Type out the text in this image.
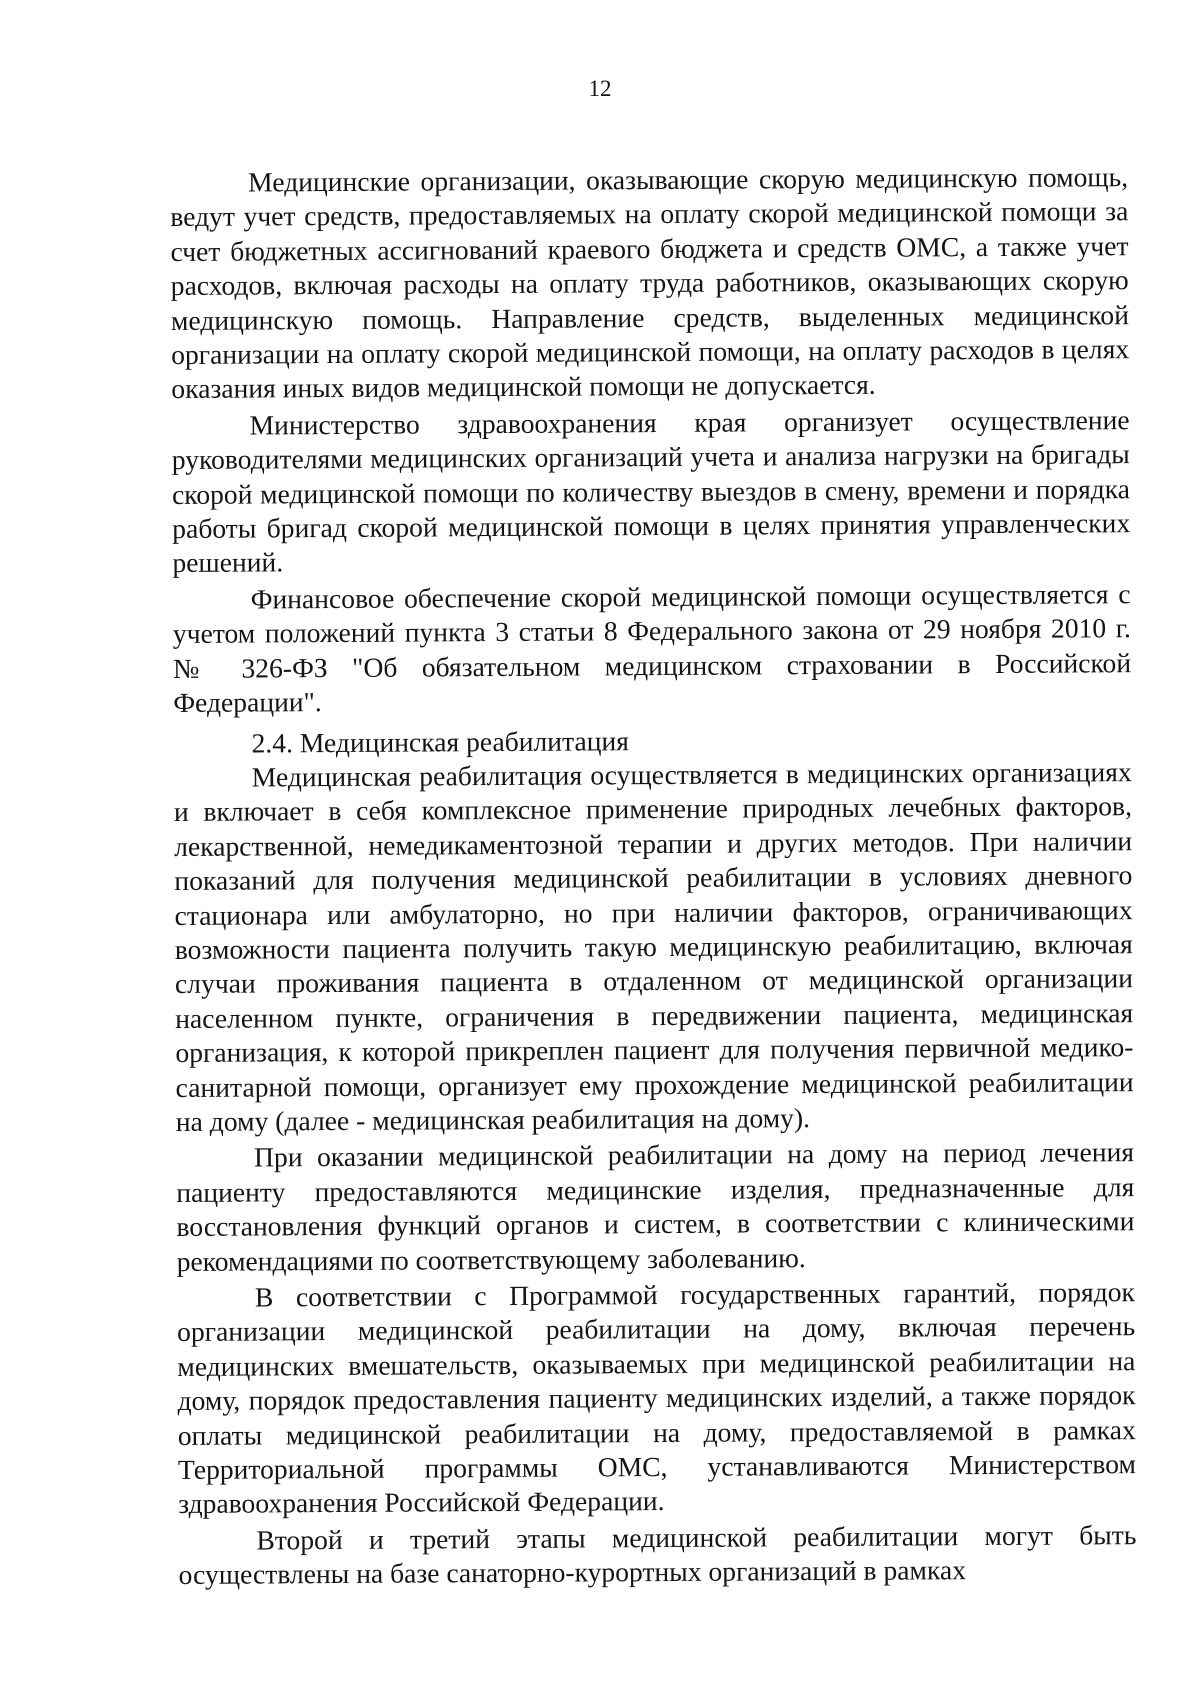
12

Медицинские организации, оказывающие скорую медицинскую помощь, ведут учет средств, предоставляемых на оплату скорой медицинской помощи за счет бюджетных ассигнований краевого бюджета и средств ОМС, а также учет расходов, включая расходы на оплату труда работников, оказывающих скорую медицинскую помощь. Направление средств, выделенных медицинской организации на оплату скорой медицинской помощи, на оплату расходов в целях оказания иных видов медицинской помощи не допускается.

Министерство здравоохранения края организует осуществление руководителями медицинских организаций учета и анализа нагрузки на бригады скорой медицинской помощи по количеству выездов в смену, времени и порядка работы бригад скорой медицинской помощи в целях принятия управленческих решений.

Финансовое обеспечение скорой медицинской помощи осуществляется с учетом положений пункта 3 статьи 8 Федерального закона от 29 ноября 2010 г. № 326-ФЗ "Об обязательном медицинском страховании в Российской Федерации".

2.4. Медицинская реабилитация

Медицинская реабилитация осуществляется в медицинских организациях и включает в себя комплексное применение природных лечебных факторов, лекарственной, немедикаментозной терапии и других методов. При наличии показаний для получения медицинской реабилитации в условиях дневного стационара или амбулаторно, но при наличии факторов, ограничивающих возможности пациента получить такую медицинскую реабилитацию, включая случаи проживания пациента в отдаленном от медицинской организации населенном пункте, ограничения в передвижении пациента, медицинская организация, к которой прикреплен пациент для получения первичной медико-санитарной помощи, организует ему прохождение медицинской реабилитации на дому (далее - медицинская реабилитация на дому).

При оказании медицинской реабилитации на дому на период лечения пациенту предоставляются медицинские изделия, предназначенные для восстановления функций органов и систем, в соответствии с клиническими рекомендациями по соответствующему заболеванию.

В соответствии с Программой государственных гарантий, порядок организации медицинской реабилитации на дому, включая перечень медицинских вмешательств, оказываемых при медицинской реабилитации на дому, порядок предоставления пациенту медицинских изделий, а также порядок оплаты медицинской реабилитации на дому, предоставляемой в рамках Территориальной программы ОМС, устанавливаются Министерством здравоохранения Российской Федерации.

Второй и третий этапы медицинской реабилитации могут быть осуществлены на базе санаторно-курортных организаций в рамках
